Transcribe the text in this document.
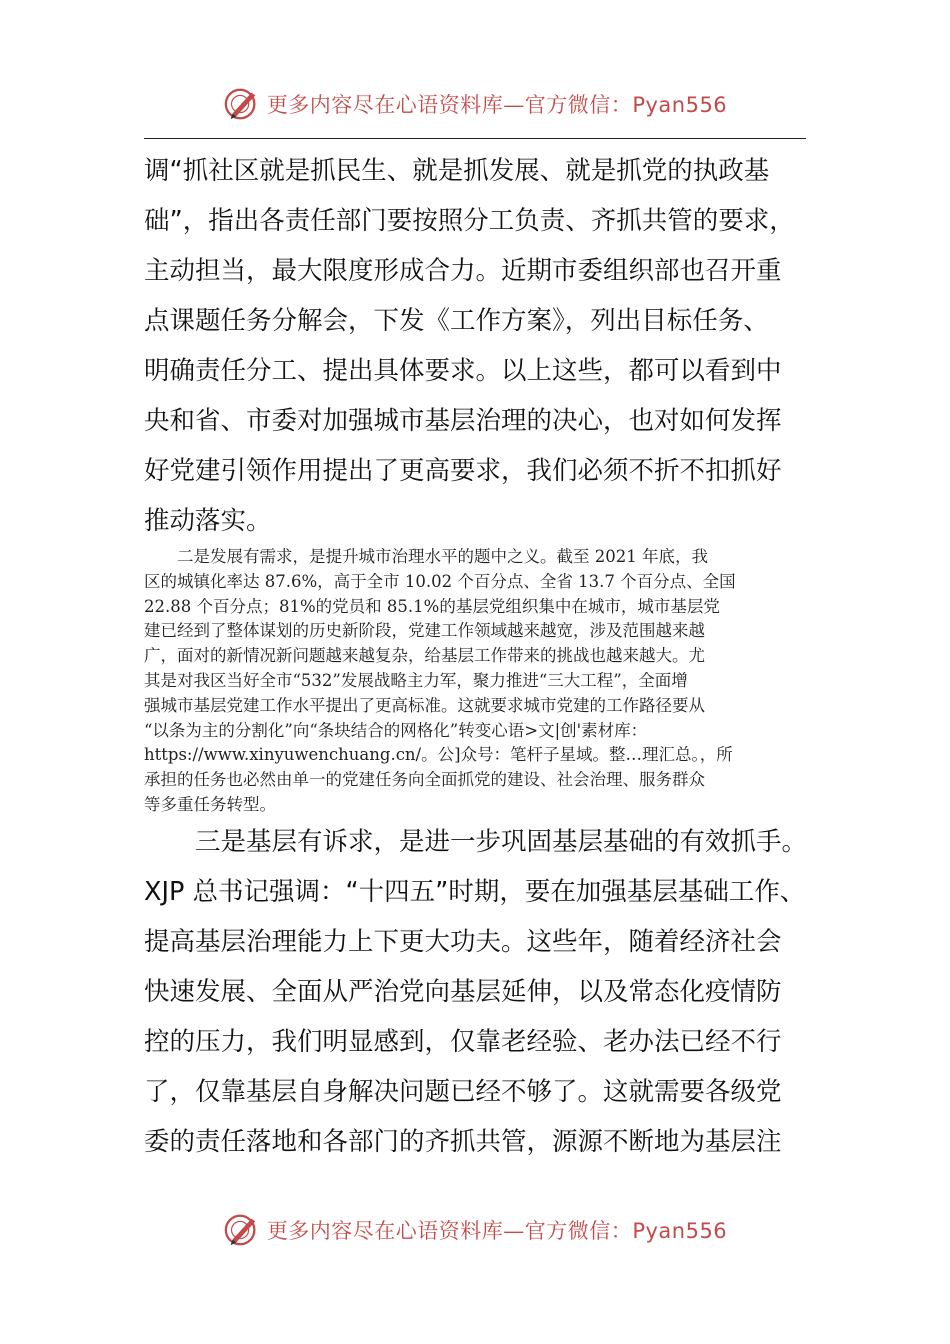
更多内容尽在心语资料库—官方微信：Pyan556
调“抓社区就是抓民生、就是抓发展、就是抓党的执政基
础”，指出各责任部门要按照分工负责、齐抓共管的要求，
主动担当，最大限度形成合力。近期市委组织部也召开重
点课题任务分解会，下发《工作方案》，列出目标任务、
明确责任分工、提出具体要求。以上这些，都可以看到中
央和省、市委对加强城市基层治理的决心，也对如何发挥
好党建引领作用提出了更高要求，我们必须不折不扣抓好
推动落实。
　　二是发展有需求，是提升城市治理水平的题中之义。截至 2021 年底，我
区的城镇化率达 87.6%，高于全市 10.02 个百分点、全省 13.7 个百分点、全国
22.88 个百分点；81%的党员和 85.1%的基层党组织集中在城市，城市基层党
建已经到了整体谋划的历史新阶段，党建工作领域越来越宽，涉及范围越来越
广，面对的新情况新问题越来越复杂，给基层工作带来的挑战也越来越大。尤
其是对我区当好全市“532”发展战略主力军，聚力推进“三大工程”，全面增
强城市基层党建工作水平提出了更高标准。这就要求城市党建的工作路径要从
“以条为主的分割化”向“条块结合的网格化”转变心语>文|创'素材库：
https://www.xinyuwenchuang.cn/。公]众号：笔杆子星域。整…理汇总。，所
承担的任务也必然由单一的党建任务向全面抓党的建设、社会治理、服务群众
等多重任务转型。
　　三是基层有诉求，是进一步巩固基层基础的有效抓手。
XJP 总书记强调：“十四五”时期，要在加强基层基础工作、
提高基层治理能力上下更大功夫。这些年，随着经济社会
快速发展、全面从严治党向基层延伸，以及常态化疫情防
控的压力，我们明显感到，仅靠老经验、老办法已经不行
了，仅靠基层自身解决问题已经不够了。这就需要各级党
委的责任落地和各部门的齐抓共管，源源不断地为基层注
更多内容尽在心语资料库—官方微信：Pyan556
